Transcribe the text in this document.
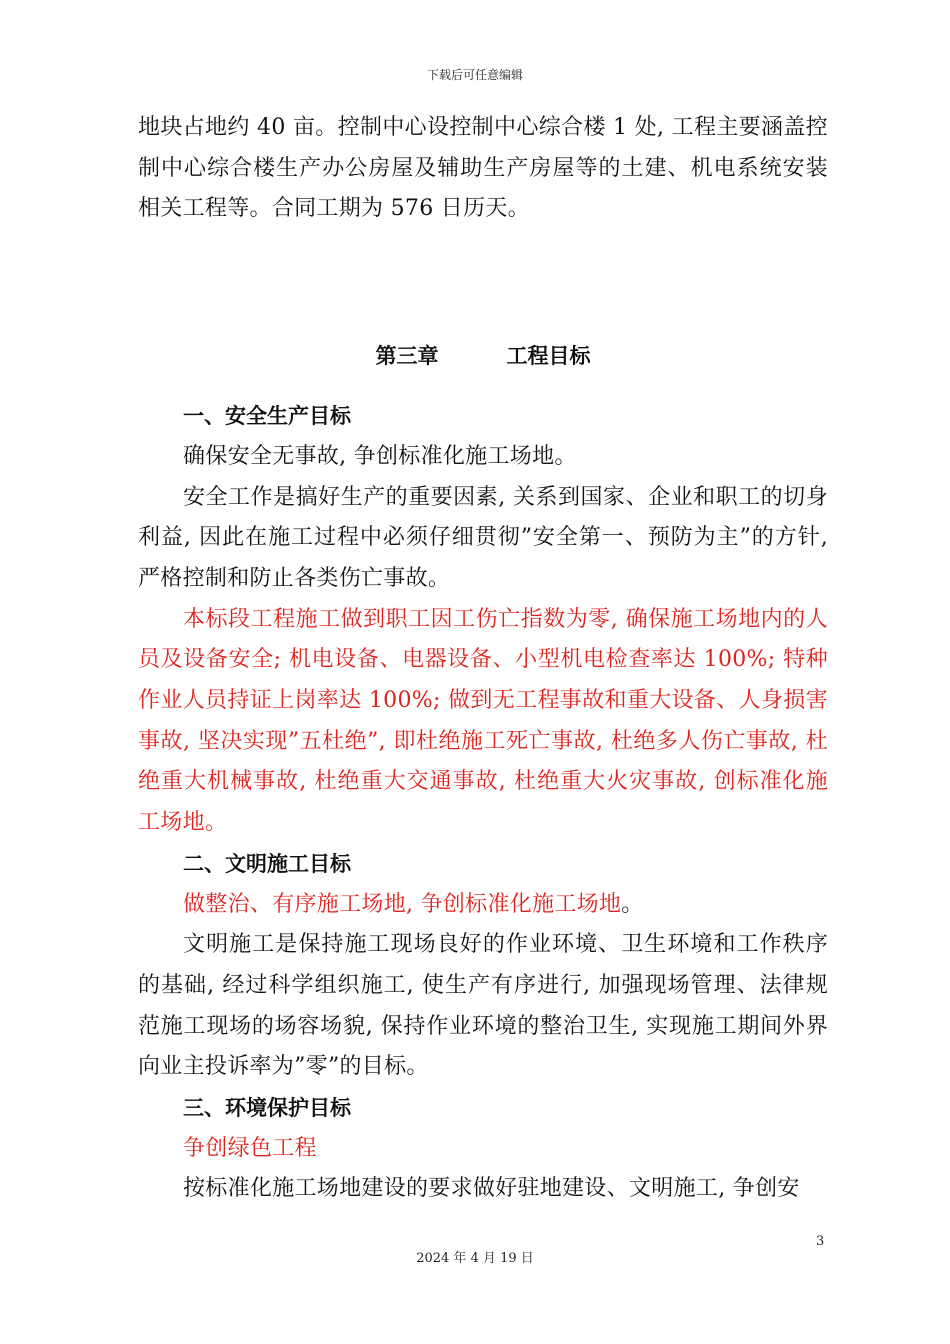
下载后可任意编辑

地块占地约 40 亩。控制中心设控制中心综合楼 1 处, 工程主要涵盖控制中心综合楼生产办公房屋及辅助生产房屋等的土建、机电系统安装相关工程等。合同工期为 576 日历天。

第三章	工程目标

一、安全生产目标

确保安全无事故, 争创标准化施工场地。

安全工作是搞好生产的重要因素, 关系到国家、企业和职工的切身利益, 因此在施工过程中必须仔细贯彻”安全第一、预防为主”的方针, 严格控制和防止各类伤亡事故。

本标段工程施工做到职工因工伤亡指数为零, 确保施工场地内的人员及设备安全; 机电设备、电器设备、小型机电检查率达 100%; 特种作业人员持证上岗率达 100%; 做到无工程事故和重大设备、人身损害事故, 坚决实现”五杜绝”, 即杜绝施工死亡事故, 杜绝多人伤亡事故, 杜绝重大机械事故, 杜绝重大交通事故, 杜绝重大火灾事故, 创标准化施工场地。

二、文明施工目标

做整治、有序施工场地, 争创标准化施工场地。

文明施工是保持施工现场良好的作业环境、卫生环境和工作秩序的基础, 经过科学组织施工, 使生产有序进行, 加强现场管理、法律规范施工现场的场容场貌, 保持作业环境的整治卫生, 实现施工期间外界向业主投诉率为”零”的目标。

三、环境保护目标

争创绿色工程

按标准化施工场地建设的要求做好驻地建设、文明施工, 争创安

3
2024 年 4 月 19 日
